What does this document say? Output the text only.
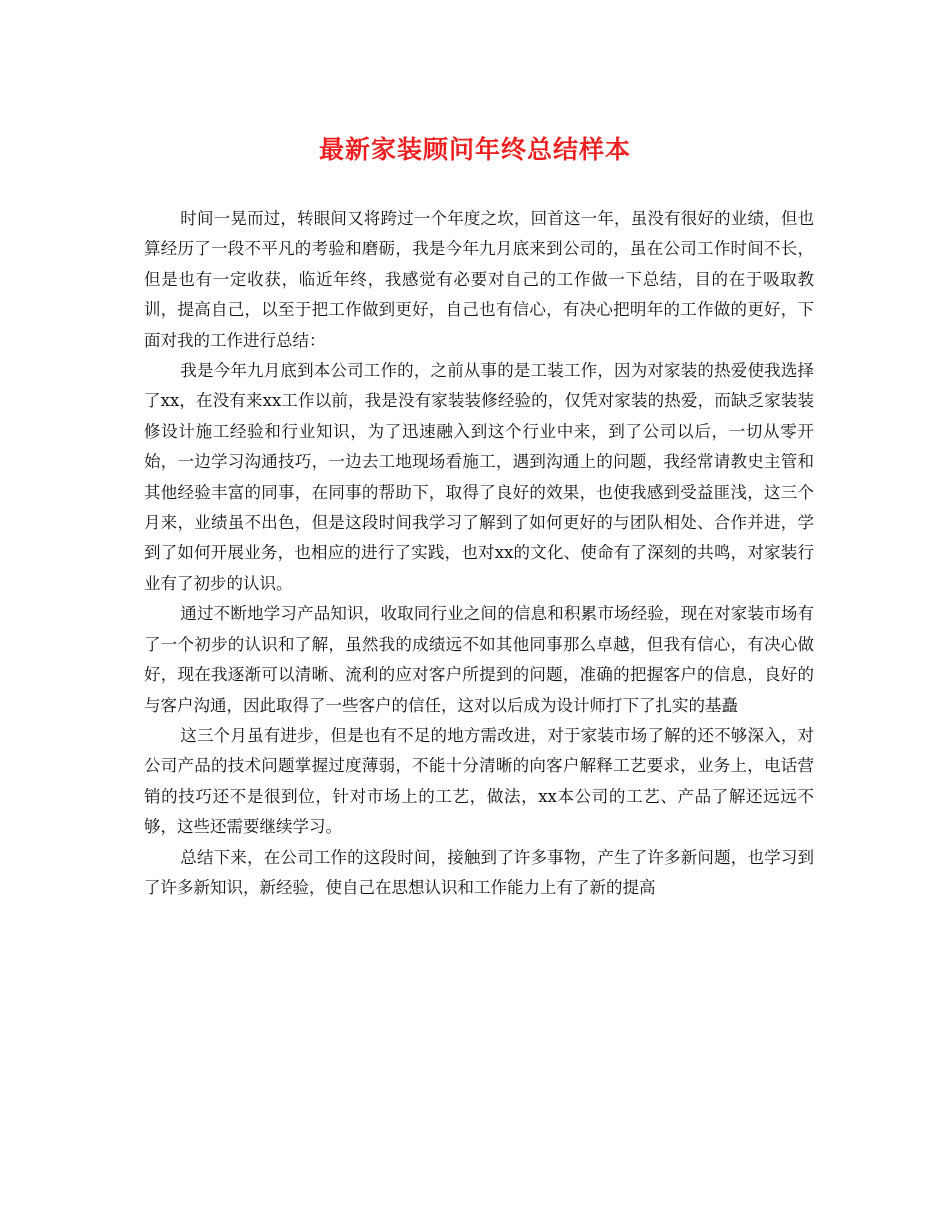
最新家装顾问年终总结样本

时间一晃而过，转眼间又将跨过一个年度之坎，回首这一年，虽没有很好的业绩，但也算经历了一段不平凡的考验和磨砺，我是今年九月底来到公司的，虽在公司工作时间不长，但是也有一定收获，临近年终，我感觉有必要对自己的工作做一下总结，目的在于吸取教训，提高自己，以至于把工作做到更好，自己也有信心，有决心把明年的工作做的更好，下面对我的工作进行总结：

我是今年九月底到本公司工作的，之前从事的是工装工作，因为对家装的热爱使我选择了xx，在没有来xx工作以前，我是没有家装装修经验的，仅凭对家装的热爱，而缺乏家装装修设计施工经验和行业知识，为了迅速融入到这个行业中来，到了公司以后，一切从零开始，一边学习沟通技巧，一边去工地现场看施工，遇到沟通上的问题，我经常请教史主管和其他经验丰富的同事，在同事的帮助下，取得了良好的效果，也使我感到受益匪浅，这三个月来，业绩虽不出色，但是这段时间我学习了解到了如何更好的与团队相处、合作并进，学到了如何开展业务，也相应的进行了实践，也对xx的文化、使命有了深刻的共鸣，对家装行业有了初步的认识。

通过不断地学习产品知识，收取同行业之间的信息和积累市场经验，现在对家装市场有了一个初步的认识和了解，虽然我的成绩远不如其他同事那么卓越，但我有信心，有决心做好，现在我逐渐可以清晰、流利的应对客户所提到的问题，准确的把握客户的信息，良好的与客户沟通，因此取得了一些客户的信任，这对以后成为设计师打下了扎实的基矗

这三个月虽有进步，但是也有不足的地方需改进，对于家装市场了解的还不够深入，对公司产品的技术问题掌握过度薄弱，不能十分清晰的向客户解释工艺要求，业务上，电话营销的技巧还不是很到位，针对市场上的工艺，做法，xx本公司的工艺、产品了解还远远不够，这些还需要继续学习。

总结下来，在公司工作的这段时间，接触到了许多事物，产生了许多新问题，也学习到了许多新知识，新经验，使自己在思想认识和工作能力上有了新的提高
